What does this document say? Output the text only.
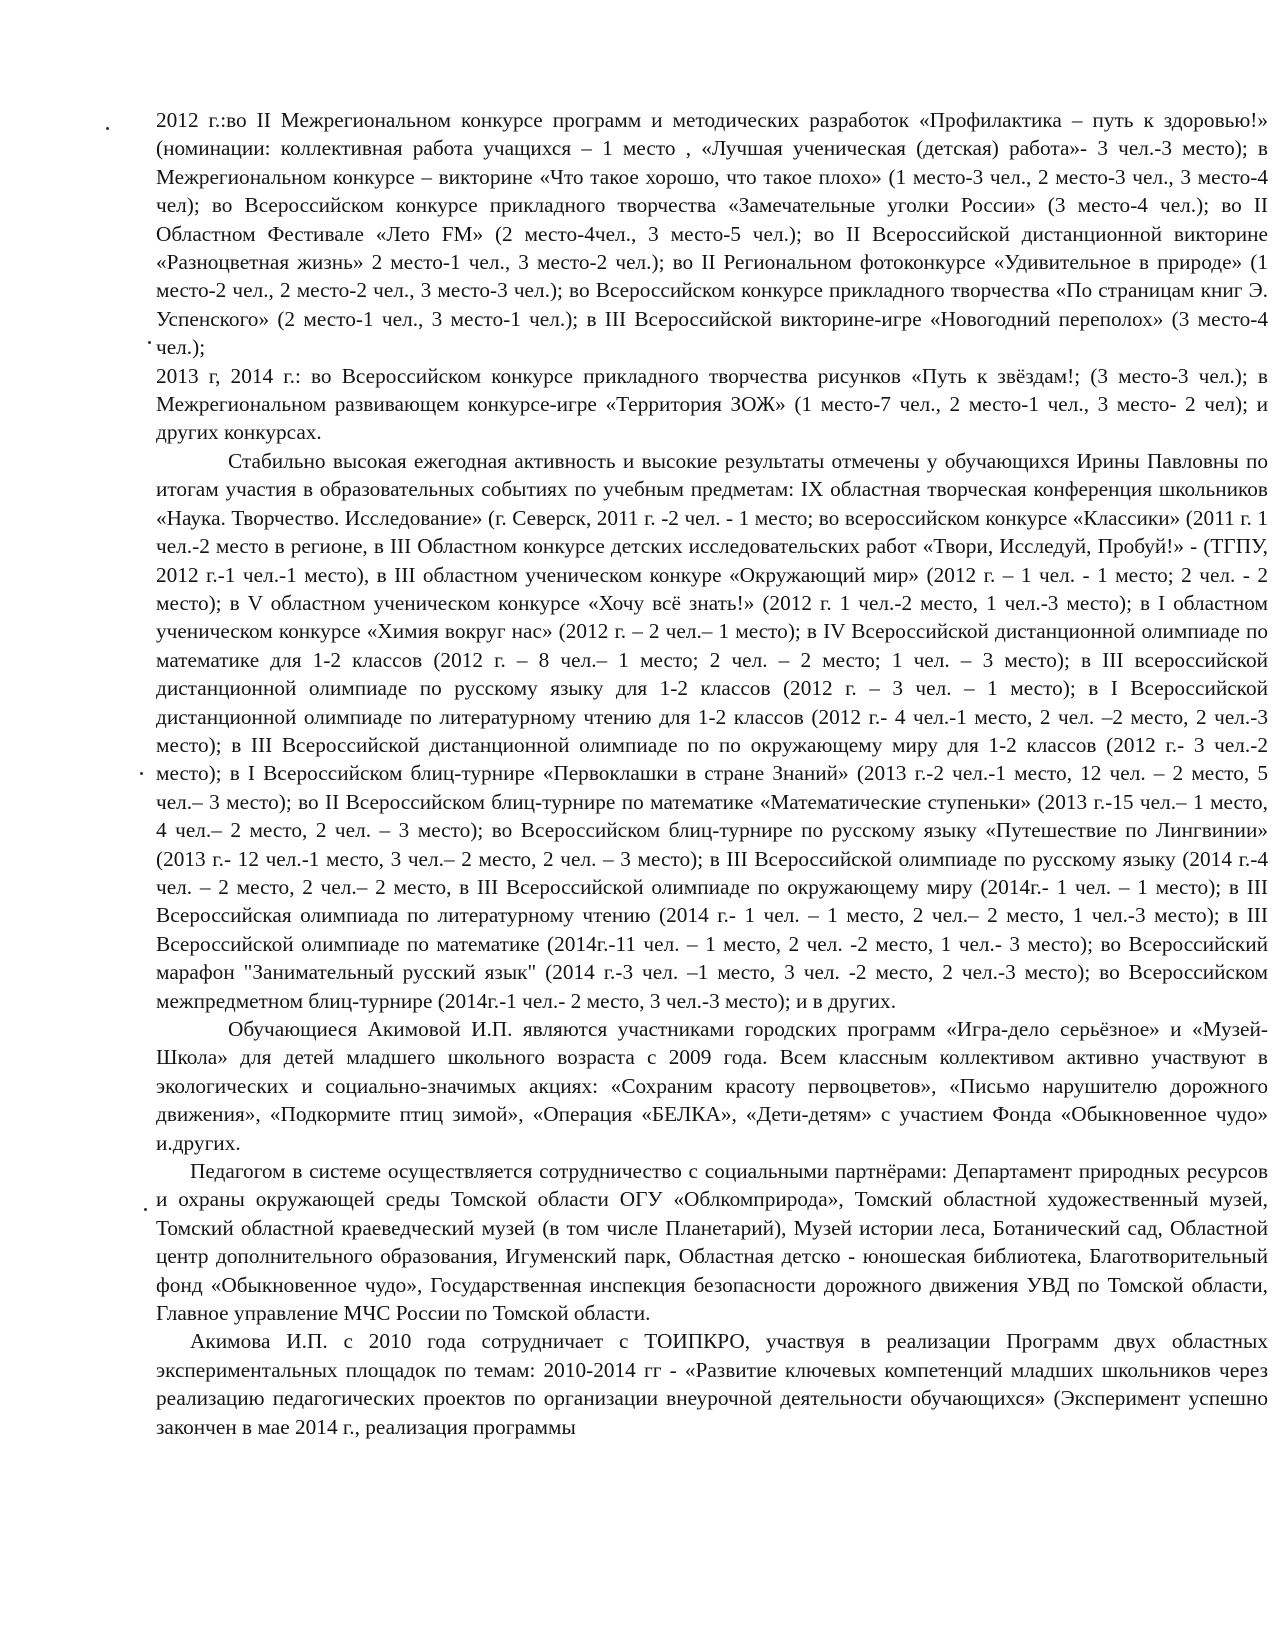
2012 г.:во II Межрегиональном конкурсе программ и методических разработок «Профилактика – путь к здоровью!» (номинации: коллективная работа учащихся – 1 место , «Лучшая ученическая (детская) работа»- 3 чел.-3 место); в Межрегиональном конкурсе – викторине «Что такое хорошо, что такое плохо» (1 место-3 чел., 2 место-3 чел., 3 место-4 чел); во Всероссийском конкурсе прикладного творчества «Замечательные уголки России» (3 место-4 чел.); во II Областном Фестивале «Лето FM» (2 место-4чел., 3 место-5 чел.); во II Всероссийской дистанционной викторине «Разноцветная жизнь» 2 место-1 чел., 3 место-2 чел.); во II Региональном фотоконкурсе «Удивительное в природе» (1 место-2 чел., 2 место-2 чел., 3 место-3 чел.); во Всероссийском конкурсе прикладного творчества «По страницам книг Э. Успенского» (2 место-1 чел., 3 место-1 чел.); в III Всероссийской викторине-игре «Новогодний переполох» (3 место-4 чел.);

2013 г, 2014 г.: во Всероссийском конкурсе прикладного творчества рисунков «Путь к звёздам!; (3 место-3 чел.); в Межрегиональном развивающем конкурсе-игре «Территория ЗОЖ» (1 место-7 чел., 2 место-1 чел., 3 место- 2 чел); и других конкурсах.

Стабильно высокая ежегодная активность и высокие результаты отмечены у обучающихся Ирины Павловны по итогам участия в образовательных событиях по учебным предметам: IX областная творческая конференция школьников «Наука. Творчество. Исследование» (г. Северск, 2011 г. -2 чел. - 1 место; во всероссийском конкурсе «Классики» (2011 г. 1 чел.-2 место в регионе, в III Областном конкурсе детских исследовательских работ «Твори, Исследуй, Пробуй!» - (ТГПУ, 2012 г.-1 чел.-1 место), в III областном ученическом конкуре «Окружающий мир» (2012 г. – 1 чел. - 1 место; 2 чел. - 2 место); в V областном ученическом конкурсе «Хочу всё знать!» (2012 г. 1 чел.-2 место, 1 чел.-3 место); в I областном ученическом конкурсе «Химия вокруг нас» (2012 г. – 2 чел.– 1 место); в IV Всероссийской дистанционной олимпиаде по математике для 1-2 классов (2012 г. – 8 чел.– 1 место; 2 чел. – 2 место; 1 чел. – 3 место); в III всероссийской дистанционной олимпиаде по русскому языку для 1-2 классов (2012 г. – 3 чел. – 1 место); в I Всероссийской дистанционной олимпиаде по литературному чтению для 1-2 классов (2012 г.- 4 чел.-1 место, 2 чел. –2 место, 2 чел.-3 место); в III Всероссийской дистанционной олимпиаде по по окружающему миру для 1-2 классов (2012 г.- 3 чел.-2 место); в I Всероссийском блиц-турнире «Первоклашки в стране Знаний» (2013 г.-2 чел.-1 место, 12 чел. – 2 место, 5 чел.– 3 место); во II Всероссийском блиц-турнире по математике «Математические ступеньки» (2013 г.-15 чел.– 1 место, 4 чел.– 2 место, 2 чел. – 3 место); во Всероссийском блиц-турнире по русскому языку «Путешествие по Лингвинии» (2013 г.- 12 чел.-1 место, 3 чел.– 2 место, 2 чел. – 3 место); в III Всероссийской олимпиаде по русскому языку (2014 г.-4 чел. – 2 место, 2 чел.– 2 место, в III Всероссийской олимпиаде по окружающему миру (2014г.- 1 чел. – 1 место); в III Всероссийская олимпиада по литературному чтению (2014 г.- 1 чел. – 1 место, 2 чел.– 2 место, 1 чел.-3 место); в III Всероссийской олимпиаде по математике (2014г.-11 чел. – 1 место, 2 чел. -2 место, 1 чел.- 3 место); во Всероссийский марафон "Занимательный русский язык" (2014 г.-3 чел. –1 место, 3 чел. -2 место, 2 чел.-3 место); во Всероссийском межпредметном блиц-турнире (2014г.-1 чел.- 2 место, 3 чел.-3 место); и в других.

Обучающиеся Акимовой И.П. являются участниками городских программ «Игра-дело серьёзное» и «Музей-Школа» для детей младшего школьного возраста с 2009 года. Всем классным коллективом активно участвуют в экологических и социально-значимых акциях: «Сохраним красоту первоцветов», «Письмо нарушителю дорожного движения», «Подкормите птиц зимой», «Операция «БЕЛКА», «Дети-детям» с участием Фонда «Обыкновенное чудо» и.других.

Педагогом в системе осуществляется сотрудничество с социальными партнёрами: Департамент природных ресурсов и охраны окружающей среды Томской области ОГУ «Облкомприрода», Томский областной художественный музей, Томский областной краеведческий музей (в том числе Планетарий), Музей истории леса, Ботанический сад, Областной центр дополнительного образования, Игуменский парк, Областная детско - юношеская библиотека, Благотворительный фонд «Обыкновенное чудо», Государственная инспекция безопасности дорожного движения УВД по Томской области, Главное управление МЧС России по Томской области.

Акимова И.П. с 2010 года сотрудничает с ТОИПКРО, участвуя в реализации Программ двух областных экспериментальных площадок по темам: 2010-2014 гг - «Развитие ключевых компетенций младших школьников через реализацию педагогических проектов по организации внеурочной деятельности обучающихся» (Эксперимент успешно закончен в мае 2014 г., реализация программы
